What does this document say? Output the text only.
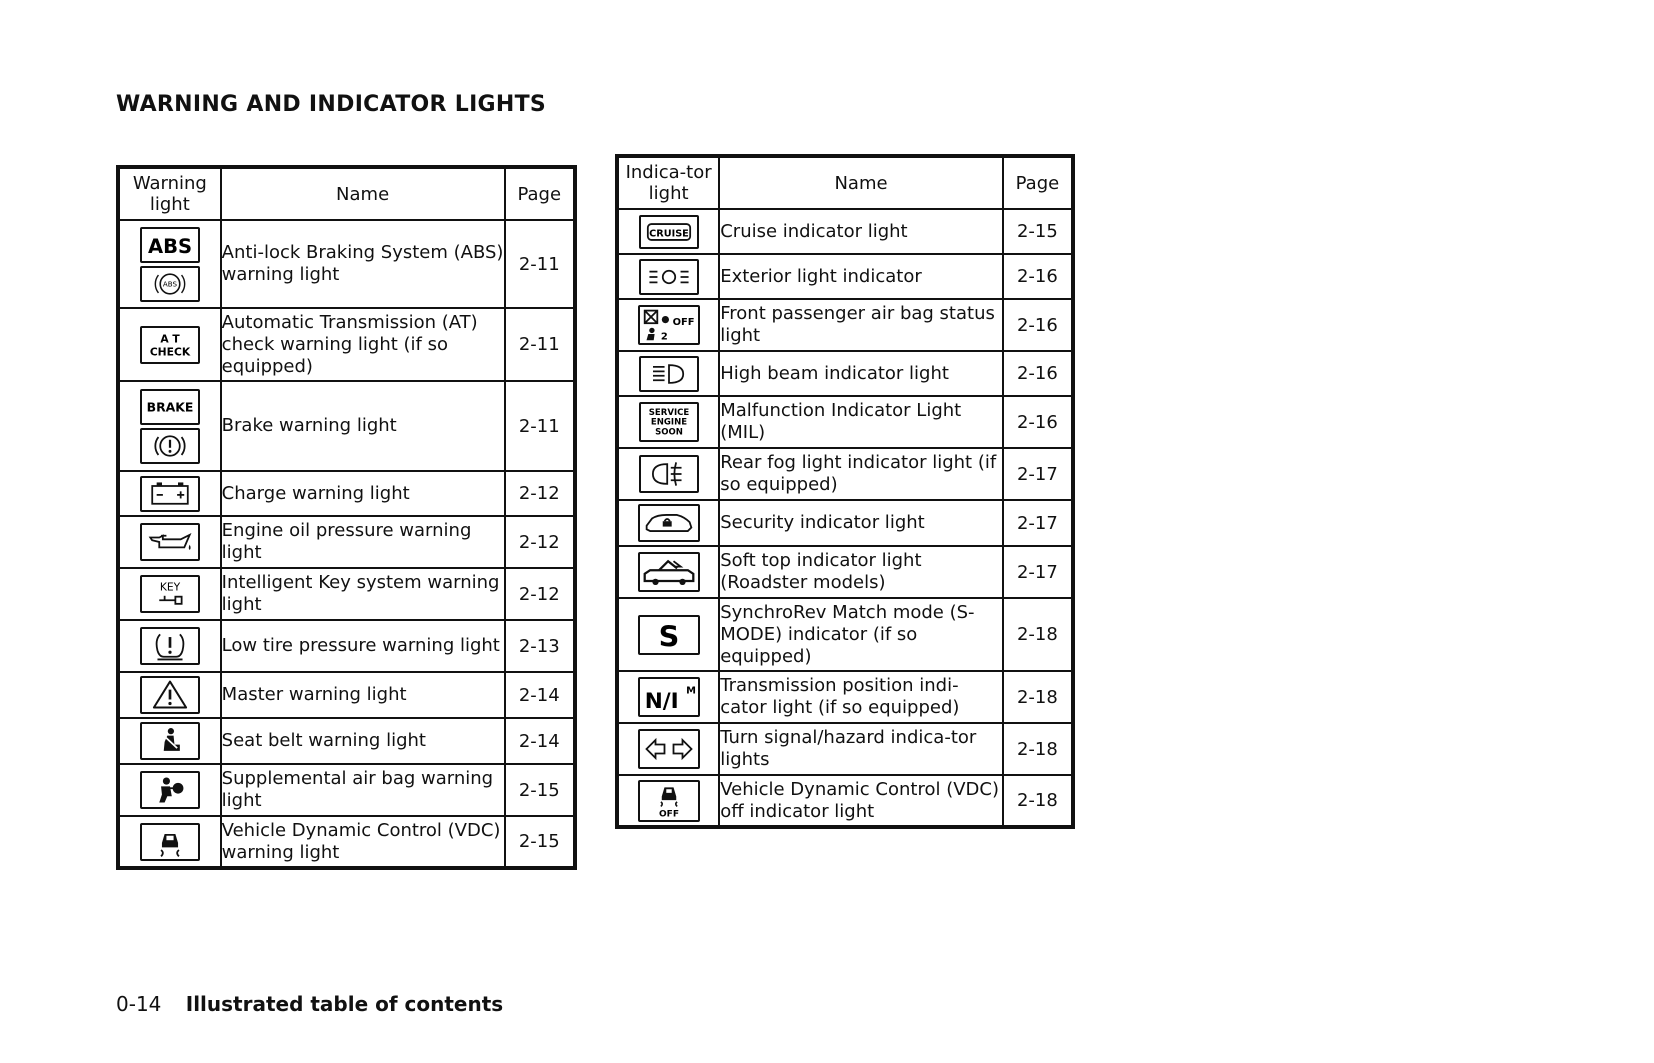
WARNING AND INDICATOR LIGHTS
Warning light	Name	Page

ABS
ABS	Anti-lock Braking System (ABS) warning light	2-11

A T
CHECK	Automatic Transmission (AT) check warning light (if so equipped)	2-11

BRAKE	Brake warning light	2-11

	Charge warning light	2-12

	Engine oil pressure warning light	2-12

KEY	Intelligent Key system warning light	2-12

	Low tire pressure warning light	2-13

	Master warning light	2-14

	Seat belt warning light	2-14

	Supplemental air bag warning light	2-15

	Vehicle Dynamic Control (VDC) warning light	2-15
Indica-tor light	Name	Page

CRUISE	Cruise indicator light	2-15

	Exterior light indicator	2-16

2
OFF	Front passenger air bag status light	2-16

	High beam indicator light	2-16

SERVICE
ENGINE
SOON	Malfunction Indicator Light (MIL)	2-16

	Rear fog light indicator light (if so equipped)	2-17

	Security indicator light	2-17

	Soft top indicator light (Roadster models)	2-17

S	SynchroRev Match mode (S-MODE) indicator (if so equipped)	2-18

N/I M	Transmission position indi-cator light (if so equipped)	2-18

	Turn signal/hazard indica-tor lights	2-18

OFF	Vehicle Dynamic Control (VDC) off indicator light	2-18
0-14 Illustrated table of contents
